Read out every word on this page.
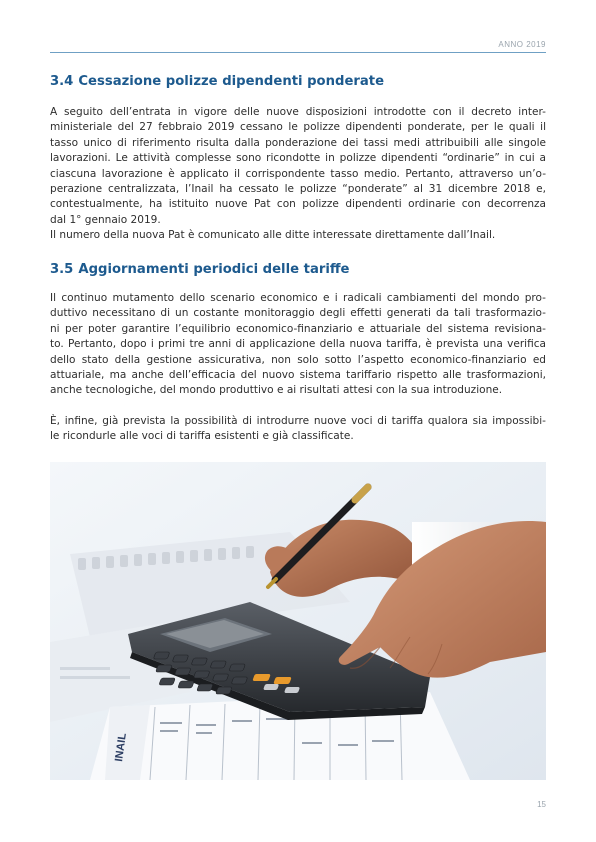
ANNO 2019
3.4 Cessazione polizze dipendenti ponderate

A seguito dell’entrata in vigore delle nuove disposizioni introdotte con il decreto inter-
ministeriale del 27 febbraio 2019 cessano le polizze dipendenti ponderate, per le quali il
tasso unico di riferimento risulta dalla ponderazione dei tassi medi attribuibili alle singole
lavorazioni. Le attività complesse sono ricondotte in polizze dipendenti “ordinarie” in cui a
ciascuna lavorazione è applicato il corrispondente tasso medio. Pertanto, attraverso un’o-
perazione centralizzata, l’Inail ha cessato le polizze “ponderate” al 31 dicembre 2018 e,
contestualmente, ha istituito nuove Pat con polizze dipendenti ordinarie con decorrenza
dal 1° gennaio 2019.
Il numero della nuova Pat è comunicato alle ditte interessate direttamente dall’Inail.

3.5 Aggiornamenti periodici delle tariffe

Il continuo mutamento dello scenario economico e i radicali cambiamenti del mondo pro-
duttivo necessitano di un costante monitoraggio degli effetti generati da tali trasformazio-
ni per poter garantire l’equilibrio economico-finanziario e attuariale del sistema revisiona-
to. Pertanto, dopo i primi tre anni di applicazione della nuova tariffa, è prevista una verifica
dello stato della gestione assicurativa, non solo sotto l’aspetto economico-finanziario ed
attuariale, ma anche dell’efficacia del nuovo sistema tariffario rispetto alle trasformazioni,
anche tecnologiche, del mondo produttivo e ai risultati attesi con la sua introduzione.

È, infine, già prevista la possibilità di introdurre nuove voci di tariffa qualora sia impossibi-
le ricondurle alle voci di tariffa esistenti e già classificate.

INAIL
15
